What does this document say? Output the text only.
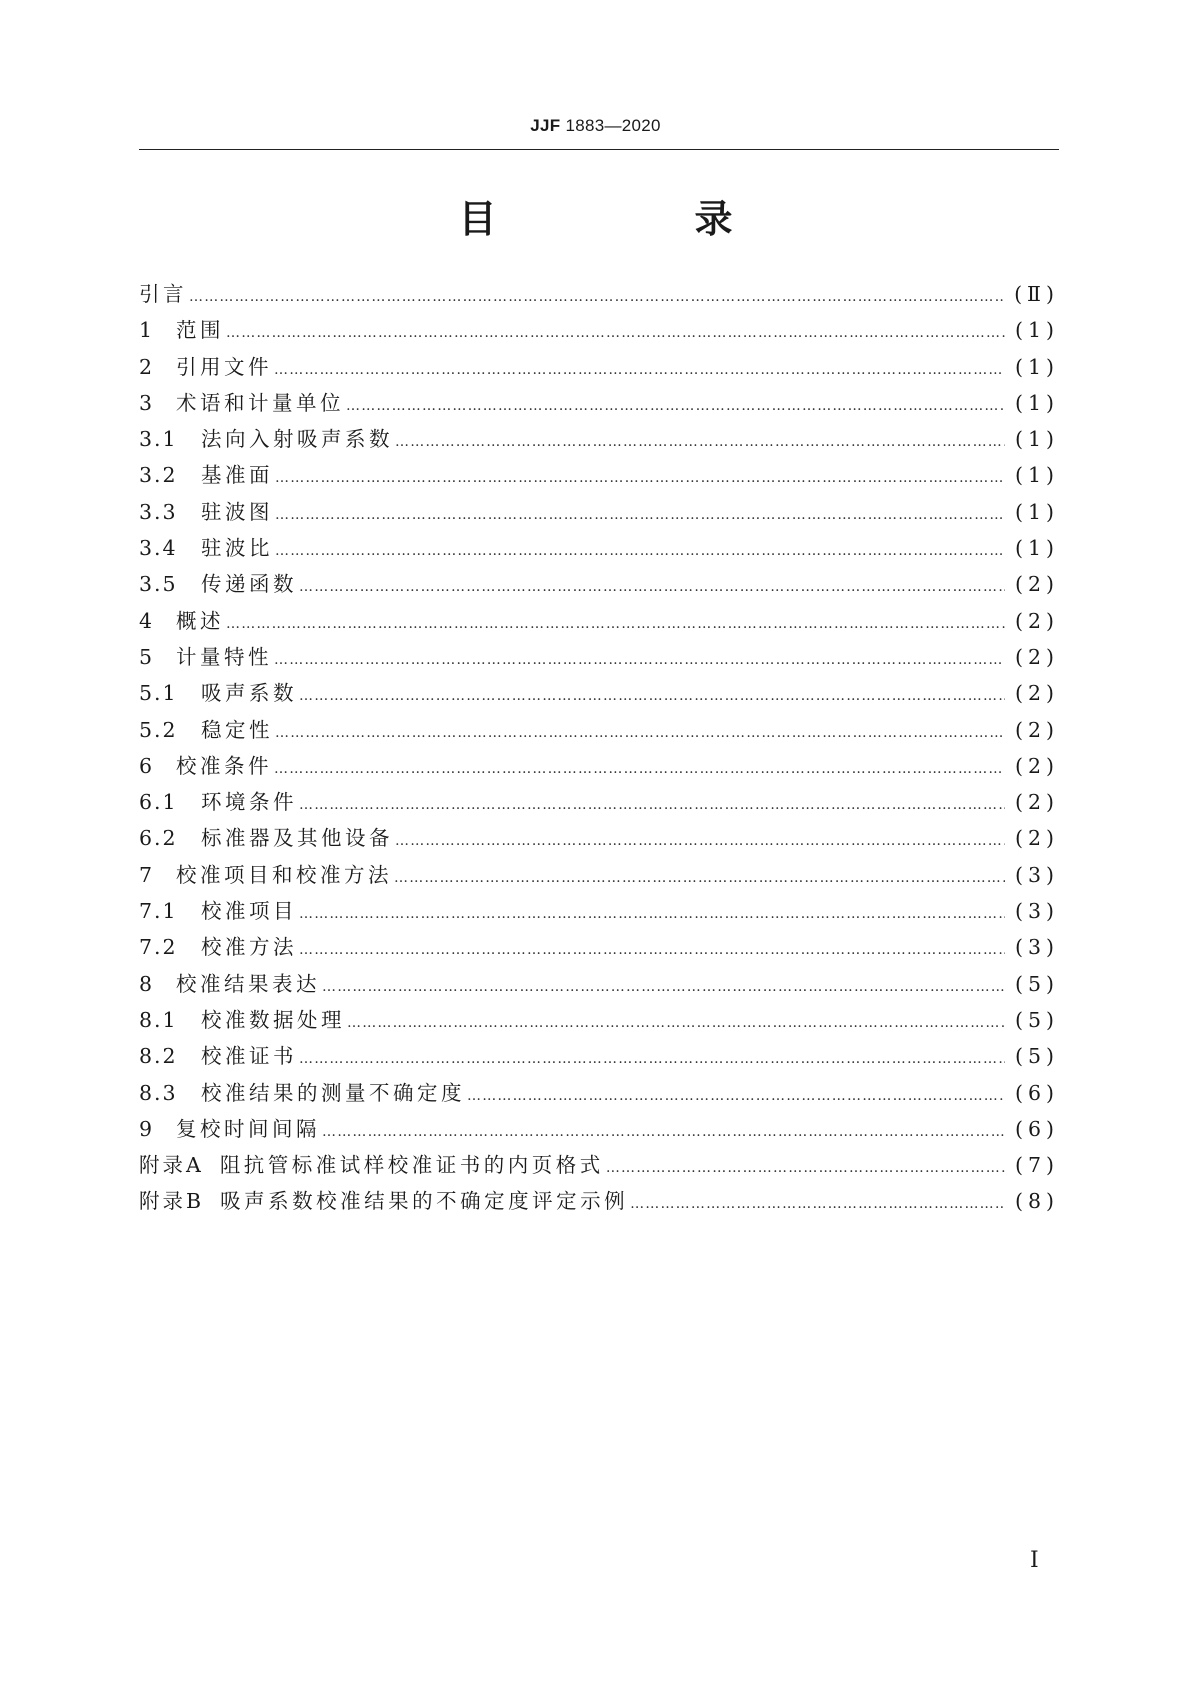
JJF 1883—2020
目　录
引言 ……………………………………………………………………………………………………………………………………………………………………………………………………………………………………………………………………	(Ⅱ)
1	范围 ……………………………………………………………………………………………………………………………………………………………………………………………………………………………………………………………………	(1)
2	引用文件 ……………………………………………………………………………………………………………………………………………………………………………………………………………………………………………………………………	(1)
3	术语和计量单位 ……………………………………………………………………………………………………………………………………………………………………………………………………………………………………………………………………	(1)
3.1	法向入射吸声系数 ……………………………………………………………………………………………………………………………………………………………………………………………………………………………………………………………………	(1)
3.2	基准面 ……………………………………………………………………………………………………………………………………………………………………………………………………………………………………………………………………	(1)
3.3	驻波图 ……………………………………………………………………………………………………………………………………………………………………………………………………………………………………………………………………	(1)
3.4	驻波比 ……………………………………………………………………………………………………………………………………………………………………………………………………………………………………………………………………	(1)
3.5	传递函数 ……………………………………………………………………………………………………………………………………………………………………………………………………………………………………………………………………	(2)
4	概述 ……………………………………………………………………………………………………………………………………………………………………………………………………………………………………………………………………	(2)
5	计量特性 ……………………………………………………………………………………………………………………………………………………………………………………………………………………………………………………………………	(2)
5.1	吸声系数 ……………………………………………………………………………………………………………………………………………………………………………………………………………………………………………………………………	(2)
5.2	稳定性 ……………………………………………………………………………………………………………………………………………………………………………………………………………………………………………………………………	(2)
6	校准条件 ……………………………………………………………………………………………………………………………………………………………………………………………………………………………………………………………………	(2)
6.1	环境条件 ……………………………………………………………………………………………………………………………………………………………………………………………………………………………………………………………………	(2)
6.2	标准器及其他设备 ……………………………………………………………………………………………………………………………………………………………………………………………………………………………………………………………………	(2)
7	校准项目和校准方法 ……………………………………………………………………………………………………………………………………………………………………………………………………………………………………………………………………	(3)
7.1	校准项目 ……………………………………………………………………………………………………………………………………………………………………………………………………………………………………………………………………	(3)
7.2	校准方法 ……………………………………………………………………………………………………………………………………………………………………………………………………………………………………………………………………	(3)
8	校准结果表达 ……………………………………………………………………………………………………………………………………………………………………………………………………………………………………………………………………	(5)
8.1	校准数据处理 ……………………………………………………………………………………………………………………………………………………………………………………………………………………………………………………………………	(5)
8.2	校准证书 ……………………………………………………………………………………………………………………………………………………………………………………………………………………………………………………………………	(5)
8.3	校准结果的测量不确定度 ……………………………………………………………………………………………………………………………………………………………………………………………………………………………………………………………………	(6)
9	复校时间间隔 ……………………………………………………………………………………………………………………………………………………………………………………………………………………………………………………………………	(6)
附录A 阻抗管标准试样校准证书的内页格式 ……………………………………………………………………………………………………………………………………………………………………………………………………………………………………………………………………	(7)
附录B 吸声系数校准结果的不确定度评定示例 ……………………………………………………………………………………………………………………………………………………………………………………………………………………………………………………………………	(8)
I
